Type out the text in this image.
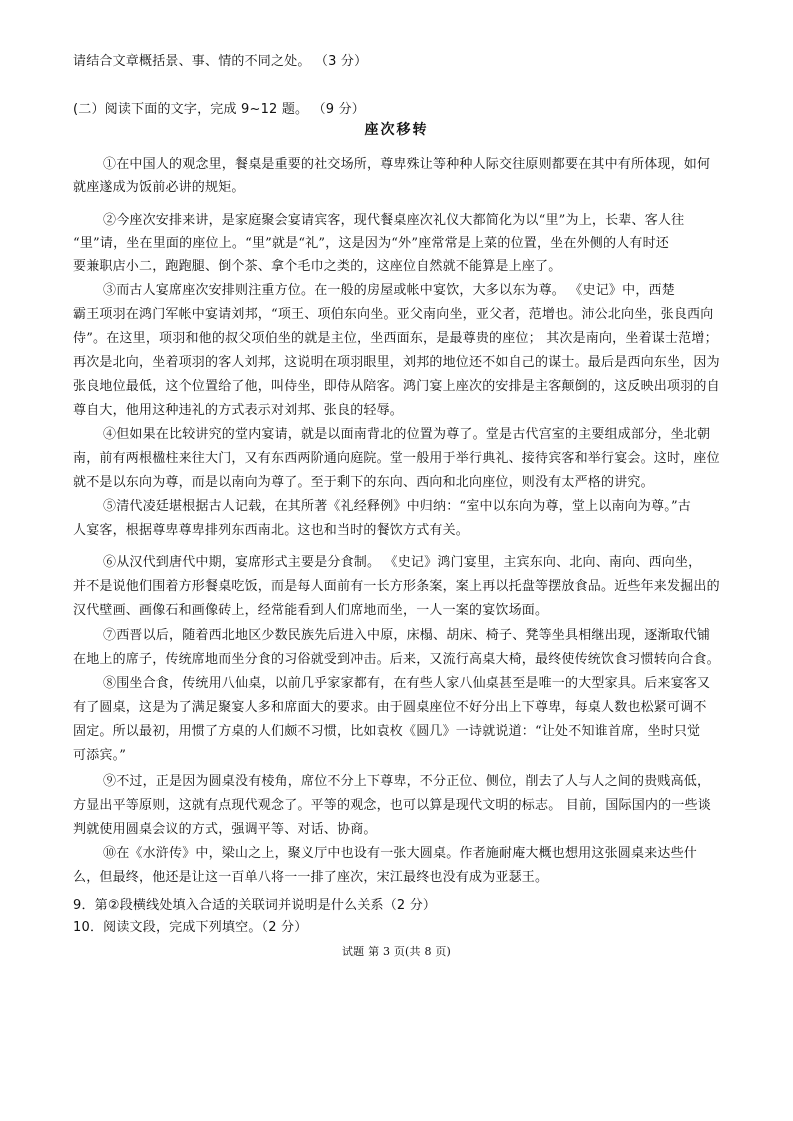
请结合文章概括景、事、情的不同之处。 （3 分）
(二）阅读下面的文字，完成 9~12 题。 （9 分）
座次移转
①在中国人的观念里，餐桌是重要的社交场所，尊卑殊让等种种人际交往原则都要在其中有所体现，如何
就座遂成为饭前必讲的规矩。
②今座次安排来讲，是家庭聚会宴请宾客，现代餐桌座次礼仪大都简化为以“里”为上，长辈、客人往
“里”请，坐在里面的座位上。“里”就是“礼”，这是因为“外”座常常是上菜的位置，坐在外侧的人有时还
要兼职店小二，跑跑腿、倒个茶、拿个毛巾之类的，这座位自然就不能算是上座了。
③而古人宴席座次安排则注重方位。在一般的房屋或帐中宴饮，大多以东为尊。 《史记》中，西楚
霸王项羽在鸿门军帐中宴请刘邦，“项王、项伯东向坐。亚父南向坐，亚父者，范增也。沛公北向坐，张良西向
侍”。在这里，项羽和他的叔父项伯坐的就是主位，坐西面东，是最尊贵的座位； 其次是南向，坐着谋士范增；
再次是北向，坐着项羽的客人刘邦，这说明在项羽眼里，刘邦的地位还不如自己的谋士。最后是西向东坐，因为
张良地位最低，这个位置给了他，叫侍坐，即侍从陪客。鸿门宴上座次的安排是主客颠倒的，这反映出项羽的自
尊自大，他用这种违礼的方式表示对刘邦、张良的轻辱。
④但如果在比较讲究的堂内宴请，就是以面南背北的位置为尊了。堂是古代宫室的主要组成部分，坐北朝
南，前有两根楹柱来往大门，又有东西两阶通向庭院。堂一般用于举行典礼、接待宾客和举行宴会。这时，座位
就不是以东向为尊，而是以南向为尊了。至于剩下的东向、西向和北向座位，则没有太严格的讲究。
⑤清代凌廷堪根据古人记载，在其所著《礼经释例》中归纳：“室中以东向为尊，堂上以南向为尊。”古
人宴客，根据尊卑尊卑排列东西南北。这也和当时的餐饮方式有关。
⑥从汉代到唐代中期，宴席形式主要是分食制。 《史记》鸿门宴里，主宾东向、北向、南向、西向坐，
并不是说他们围着方形餐桌吃饭，而是每人面前有一长方形条案，案上再以托盘等摆放食品。近些年来发掘出的
汉代壁画、画像石和画像砖上，经常能看到人们席地而坐，一人一案的宴饮场面。
⑦西晋以后，随着西北地区少数民族先后进入中原，床榻、胡床、椅子、凳等坐具相继出现，逐渐取代铺
在地上的席子，传统席地而坐分食的习俗就受到冲击。后来，又流行高桌大椅，最终使传统饮食习惯转向合食。
⑧围坐合食，传统用八仙桌，以前几乎家家都有，在有些人家八仙桌甚至是唯一的大型家具。后来宴客又
有了圆桌，这是为了满足聚宴人多和席面大的要求。由于圆桌座位不好分出上下尊卑，每桌人数也松紧可调不
固定。所以最初，用惯了方桌的人们颇不习惯，比如袁枚《圆几》一诗就说道：“让处不知谁首席，坐时只觉
可添宾。”
⑨不过，正是因为圆桌没有棱角，席位不分上下尊卑，不分正位、侧位，削去了人与人之间的贵贱高低，
方显出平等原则，这就有点现代观念了。平等的观念，也可以算是现代文明的标志。 目前，国际国内的一些谈
判就使用圆桌会议的方式，强调平等、对话、协商。
⑩在《水浒传》中，梁山之上，聚义厅中也设有一张大圆桌。作者施耐庵大概也想用这张圆桌来达些什
么，但最终，他还是让这一百单八将一一排了座次，宋江最终也没有成为亚瑟王。
9．第②段横线处填入合适的关联词并说明是什么关系（2 分）
10．阅读文段，完成下列填空。（2 分）
试题 第 3 页(共 8 页)
